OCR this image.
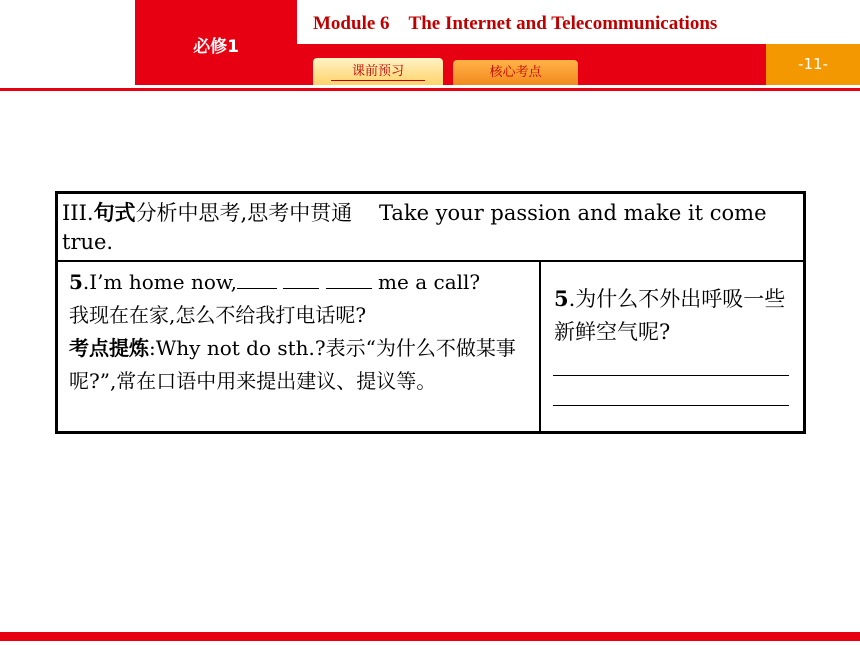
必修1
Module 6    The Internet and Telecommunications
课前预习	核心考点	-11-
III.句式分析中思考,思考中贯通 Take your passion and make it come true.
5.I’m home now,	me a call?
我现在在家,怎么不给我打电话呢?
考点提炼:Why not do sth.?表示“为什么不做某事呢?”,常在口语中用来提出建议、提议等。
5.为什么不外出呼吸一些新鲜空气呢?
